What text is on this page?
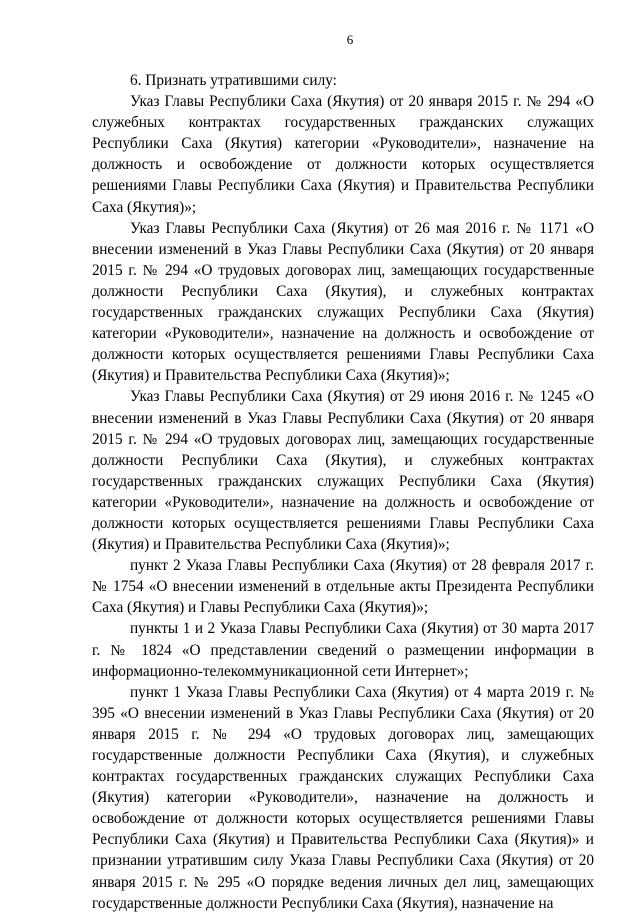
6

6. Признать утратившими силу:

Указ Главы Республики Саха (Якутия) от 20 января 2015 г. № 294 «О служебных контрактах государственных гражданских служащих Республики Саха (Якутия) категории «Руководители», назначение на должность и освобождение от должности которых осуществляется решениями Главы Республики Саха (Якутия) и Правительства Республики Саха (Якутия)»;

Указ Главы Республики Саха (Якутия) от 26 мая 2016 г. № 1171 «О внесении изменений в Указ Главы Республики Саха (Якутия) от 20 января 2015 г. № 294 «О трудовых договорах лиц, замещающих государственные должности Республики Саха (Якутия), и служебных контрактах государственных гражданских служащих Республики Саха (Якутия) категории «Руководители», назначение на должность и освобождение от должности которых осуществляется решениями Главы Республики Саха (Якутия) и Правительства Республики Саха (Якутия)»;

Указ Главы Республики Саха (Якутия) от 29 июня 2016 г. № 1245 «О внесении изменений в Указ Главы Республики Саха (Якутия) от 20 января 2015 г. № 294 «О трудовых договорах лиц, замещающих государственные должности Республики Саха (Якутия), и служебных контрактах государственных гражданских служащих Республики Саха (Якутия) категории «Руководители», назначение на должность и освобождение от должности которых осуществляется решениями Главы Республики Саха (Якутия) и Правительства Республики Саха (Якутия)»;

пункт 2 Указа Главы Республики Саха (Якутия) от 28 февраля 2017 г. № 1754 «О внесении изменений в отдельные акты Президента Республики Саха (Якутия) и Главы Республики Саха (Якутия)»;

пункты 1 и 2 Указа Главы Республики Саха (Якутия) от 30 марта 2017 г. № 1824 «О представлении сведений о размещении информации в информационно-телекоммуникационной сети Интернет»;

пункт 1 Указа Главы Республики Саха (Якутия) от 4 марта 2019 г. № 395 «О внесении изменений в Указ Главы Республики Саха (Якутия) от 20 января 2015 г. № 294 «О трудовых договорах лиц, замещающих государственные должности Республики Саха (Якутия), и служебных контрактах государственных гражданских служащих Республики Саха (Якутия) категории «Руководители», назначение на должность и освобождение от должности которых осуществляется решениями Главы Республики Саха (Якутия) и Правительства Республики Саха (Якутия)» и признании утратившим силу Указа Главы Республики Саха (Якутия) от 20 января 2015 г. № 295 «О порядке ведения личных дел лиц, замещающих государственные должности Республики Саха (Якутия), назначение на
